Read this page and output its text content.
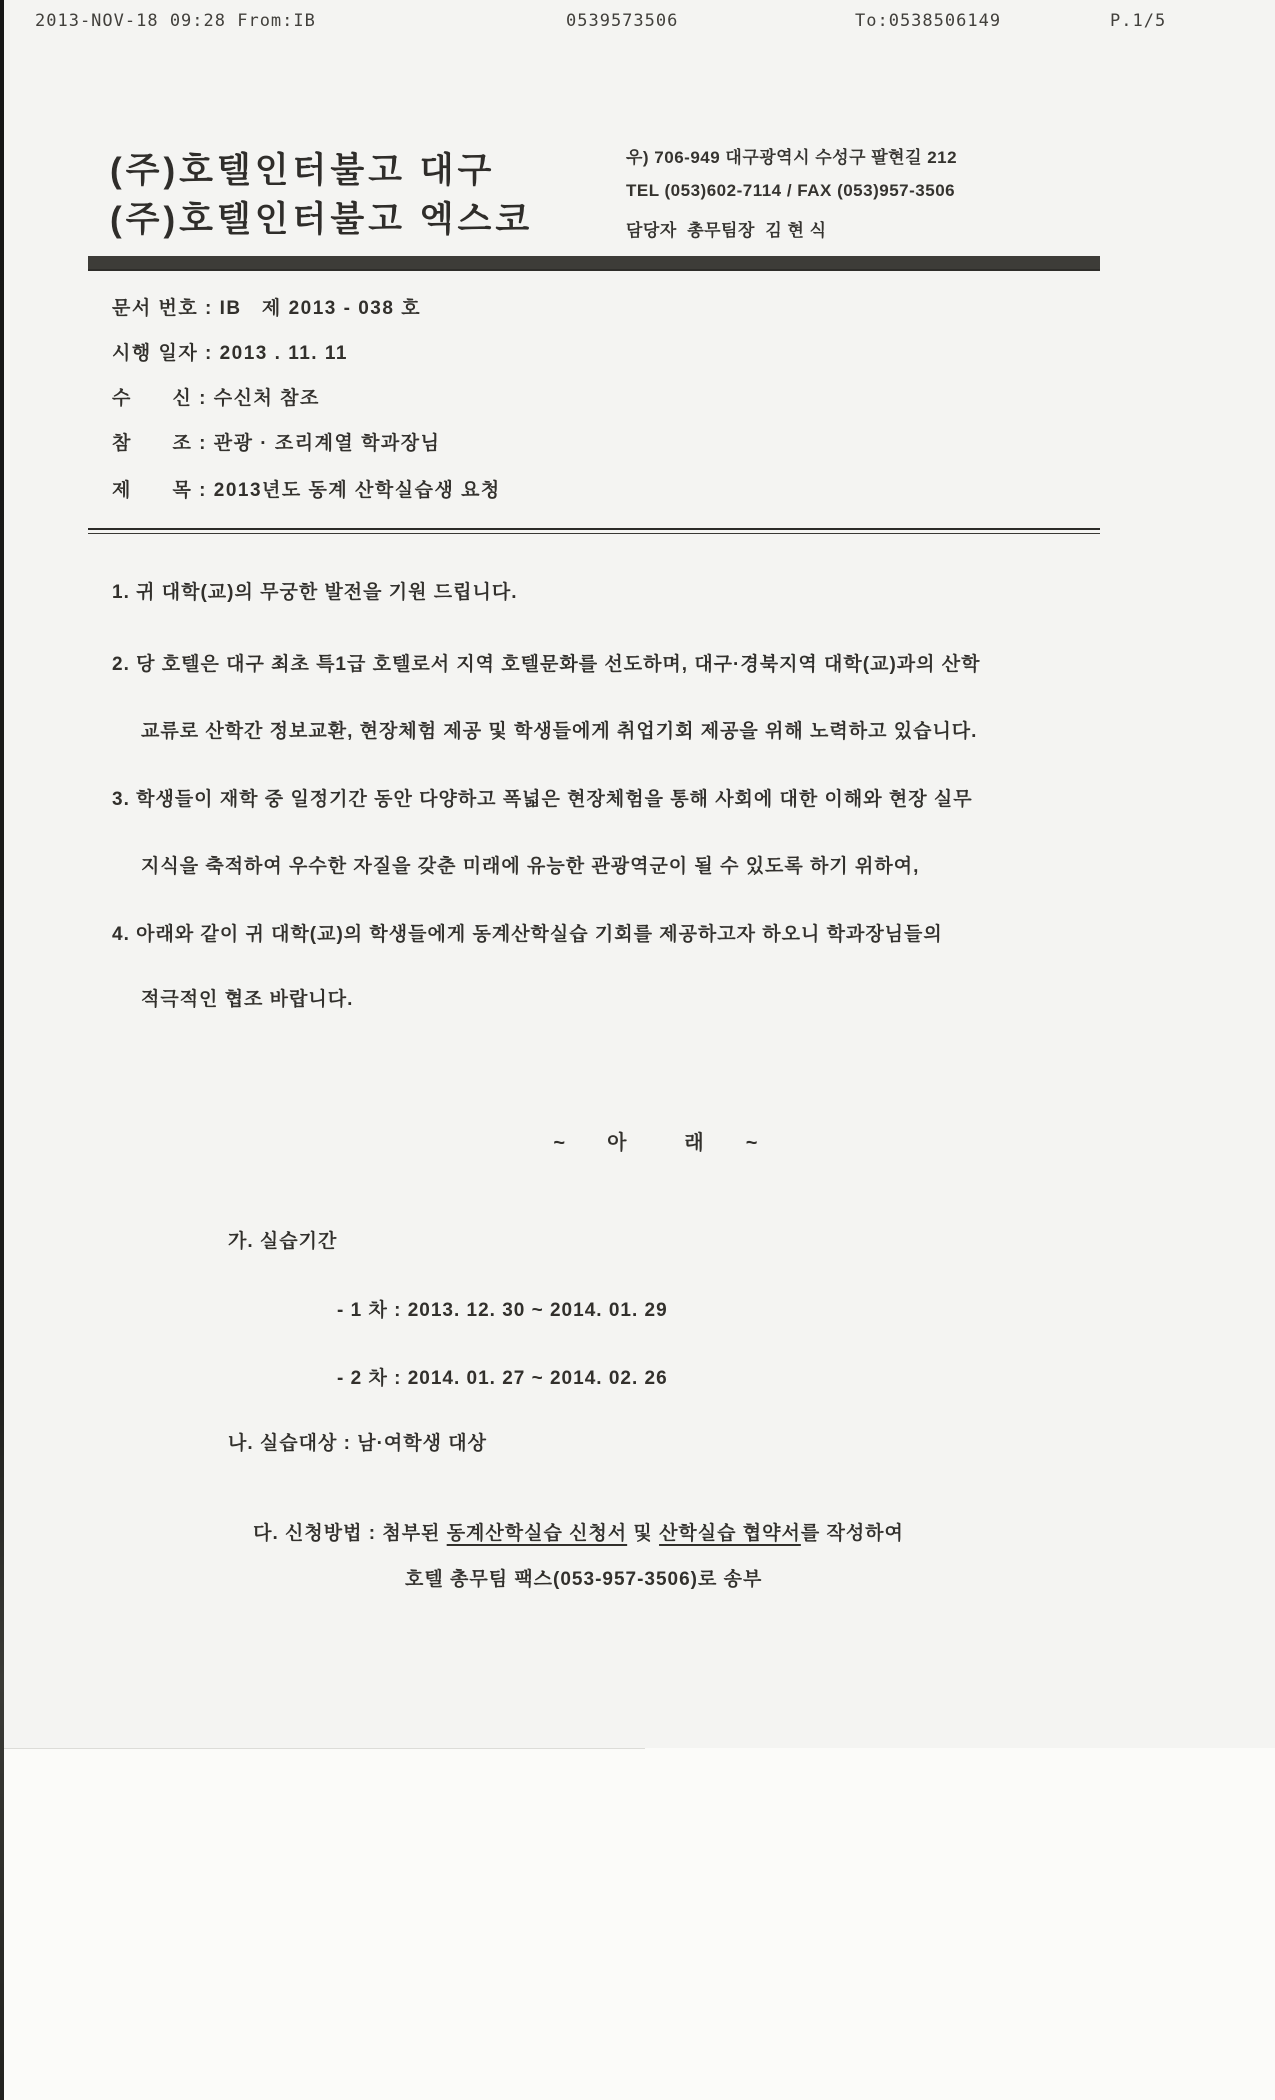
2013-NOV-18 09:28 From:IB	0539573506	To:0538506149	P.1/5
(주)호텔인터불고 대구
(주)호텔인터불고 엑스코
우) 706-949 대구광역시 수성구 팔현길 212
TEL (053)602-7114 / FAX (053)957-3506
담당자  총무팀장  김 현 식
문서 번호 : IB   제 2013 - 038 호
시행 일자 : 2013 . 11. 11
수      신 : 수신처 참조
참      조 : 관광 · 조리계열 학과장님
제      목 : 2013년도 동계 산학실습생 요청
1. 귀 대학(교)의 무궁한 발전을 기원 드립니다.
2. 당 호텔은 대구 최초 특1급 호텔로서 지역 호텔문화를 선도하며, 대구·경북지역 대학(교)과의 산학
교류로 산학간 정보교환, 현장체험 제공 및 학생들에게 취업기회 제공을 위해 노력하고 있습니다.
3. 학생들이 재학 중 일정기간 동안 다양하고 폭넓은 현장체험을 통해 사회에 대한 이해와 현장 실무
지식을 축적하여 우수한 자질을 갖춘 미래에 유능한 관광역군이 될 수 있도록 하기 위하여,
4. 아래와 같이 귀 대학(교)의 학생들에게 동계산학실습 기회를 제공하고자 하오니 학과장님들의
적극적인 협조 바랍니다.

~ 아	래 ~

가. 실습기간
- 1 차 : 2013. 12. 30 ~ 2014. 01. 29
- 2 차 : 2014. 01. 27 ~ 2014. 02. 26
나. 실습대상 : 남·여학생 대상

다. 신청방법 : 첨부된 동계산학실습 신청서 및 산학실습 협약서를 작성하여

호텔 총무팀 팩스(053-957-3506)로 송부
